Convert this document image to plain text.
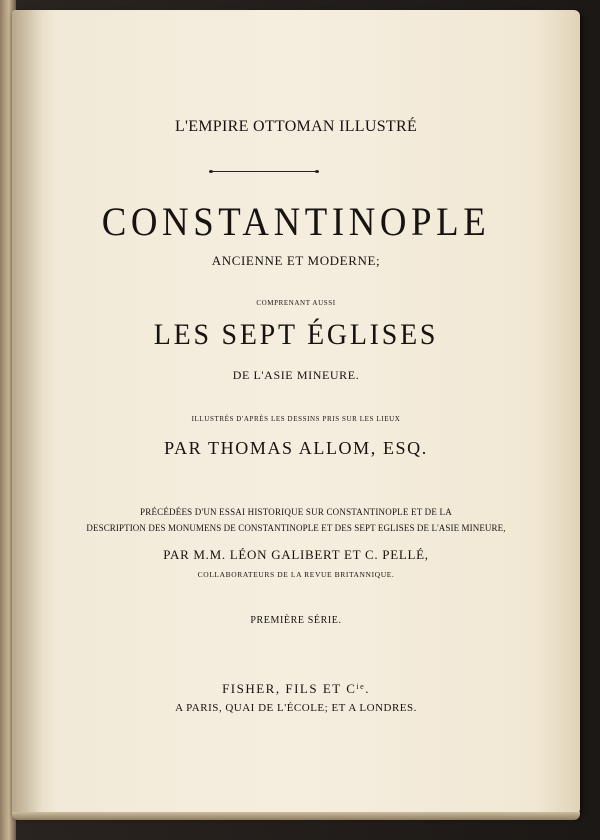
L'EMPIRE OTTOMAN ILLUSTRÉ
CONSTANTINOPLE
ANCIENNE ET MODERNE;
COMPRENANT AUSSI
LES SEPT ÉGLISES
DE L'ASIE MINEURE.
ILLUSTRÉS D'APRÈS LES DESSINS PRIS SUR LES LIEUX
PAR THOMAS ALLOM, ESQ.
PRÉCÉDÉES D'UN ESSAI HISTORIQUE SUR CONSTANTINOPLE ET DE LA
DESCRIPTION DES MONUMENS DE CONSTANTINOPLE ET DES SEPT EGLISES DE L'ASIE MINEURE,
PAR M.M. LÉON GALIBERT ET C. PELLÉ,
COLLABORATEURS DE LA REVUE BRITANNIQUE.
PREMIÈRE SÉRIE.
FISHER, FILS ET $C^{ie}$.
A PARIS, QUAI DE L'ÉCOLE; ET A LONDRES.
